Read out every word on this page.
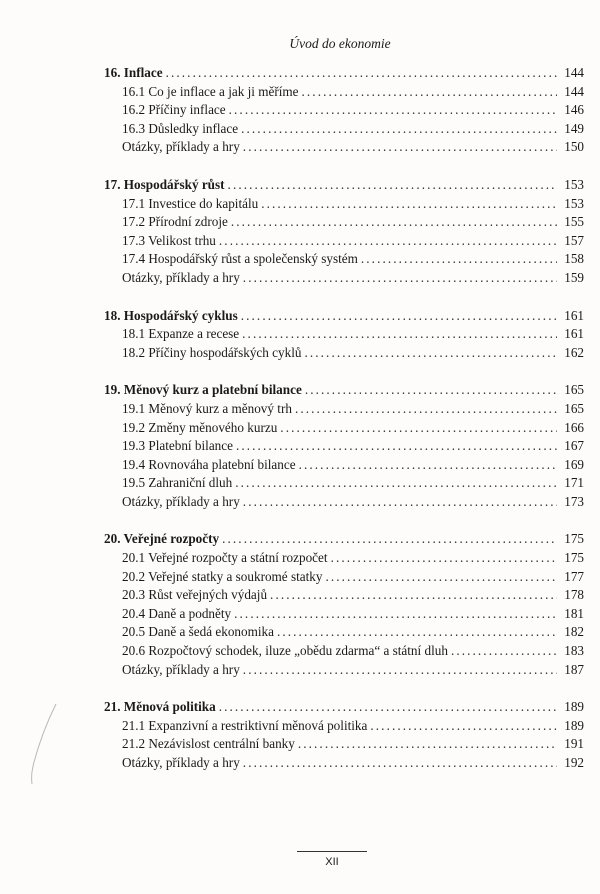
Úvod do ekonomie
16. Inflace . . .	144
16.1 Co je inflace a jak ji měříme . . .	144
16.2 Příčiny inflace . . .	146
16.3 Důsledky inflace . . .	149
Otázky, příklady a hry . . .	150
17. Hospodářský růst . . .	153
17.1 Investice do kapitálu . . .	153
17.2 Přírodní zdroje . . .	155
17.3 Velikost trhu . . .	157
17.4 Hospodářský růst a společenský systém . . .	158
Otázky, příklady a hry . . .	159
18. Hospodářský cyklus . . .	161
18.1 Expanze a recese . . .	161
18.2 Příčiny hospodářských cyklů . . .	162
19. Měnový kurz a platební bilance . . .	165
19.1 Měnový kurz a měnový trh . . .	165
19.2 Změny měnového kurzu . . .	166
19.3 Platební bilance . . .	167
19.4 Rovnováha platební bilance . . .	169
19.5 Zahraniční dluh . . .	171
Otázky, příklady a hry . . .	173
20. Veřejné rozpočty . . .	175
20.1 Veřejné rozpočty a státní rozpočet . . .	175
20.2 Veřejné statky a soukromé statky . . .	177
20.3 Růst veřejných výdajů . . .	178
20.4 Daně a podněty . . .	181
20.5 Daně a šedá ekonomika . . .	182
20.6 Rozpočtový schodek, iluze „obědu zdarma“ a státní dluh . . .	183
Otázky, příklady a hry . . .	187
21. Měnová politika . . .	189
21.1 Expanzivní a restriktivní měnová politika . . .	189
21.2 Nezávislost centrální banky . . .	191
Otázky, příklady a hry . . .	192
XII
